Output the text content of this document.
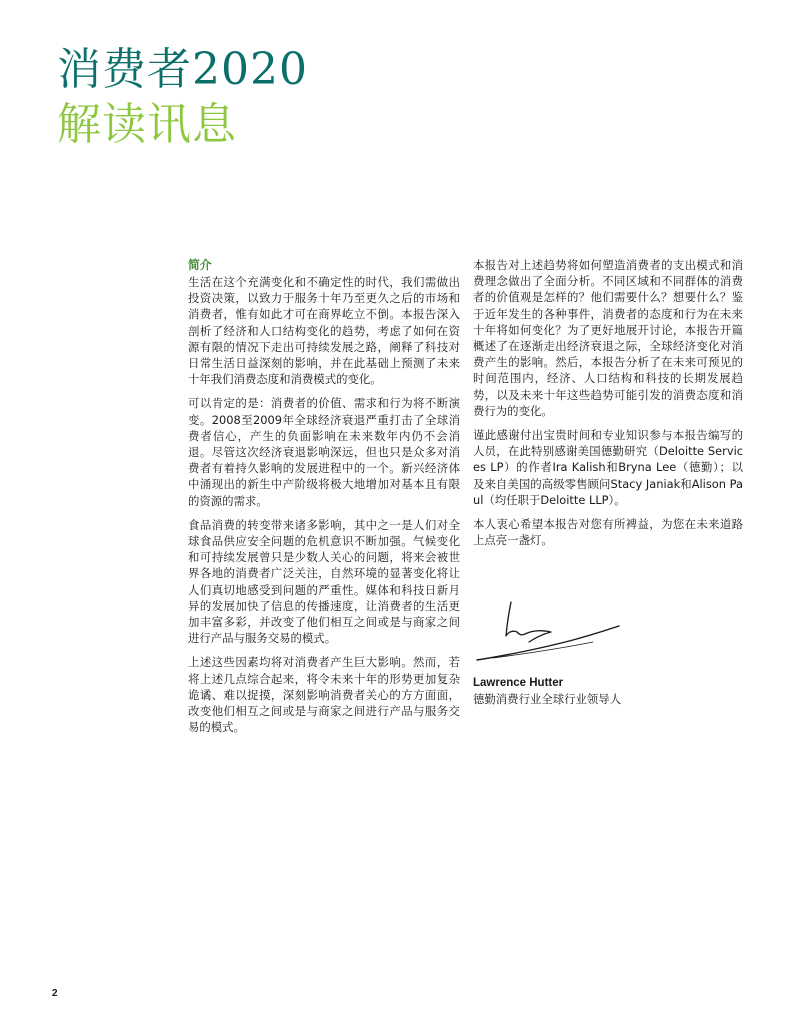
消费者2020
解读讯息
简介

生活在这个充满变化和不确定性的时代，我们需做出投资决策，以致力于服务十年乃至更久之后的市场和消费者，惟有如此才可在商界屹立不倒。本报告深入剖析了经济和人口结构变化的趋势，考虑了如何在资源有限的情况下走出可持续发展之路，阐释了科技对日常生活日益深刻的影响，并在此基础上预测了未来十年我们消费态度和消费模式的变化。

可以肯定的是：消费者的价值、需求和行为将不断演变。2008至2009年全球经济衰退严重打击了全球消费者信心，产生的负面影响在未来数年内仍不会消退。尽管这次经济衰退影响深远，但也只是众多对消费者有着持久影响的发展进程中的一个。新兴经济体中涌现出的新生中产阶级将极大地增加对基本且有限的资源的需求。

食品消费的转变带来诸多影响，其中之一是人们对全球食品供应安全问题的危机意识不断加强。气候变化和可持续发展曾只是少数人关心的问题，将来会被世界各地的消费者广泛关注，自然环境的显著变化将让人们真切地感受到问题的严重性。媒体和科技日新月异的发展加快了信息的传播速度，让消费者的生活更加丰富多彩，并改变了他们相互之间或是与商家之间进行产品与服务交易的模式。

上述这些因素均将对消费者产生巨大影响。然而，若将上述几点综合起来，将令未来十年的形势更加复杂诡谲、难以捉摸，深刻影响消费者关心的方方面面，改变他们相互之间或是与商家之间进行产品与服务交易的模式。

本报告对上述趋势将如何塑造消费者的支出模式和消费理念做出了全面分析。不同区域和不同群体的消费者的价值观是怎样的？他们需要什么？想要什么？鉴于近年发生的各种事件，消费者的态度和行为在未来十年将如何变化？为了更好地展开讨论，本报告开篇概述了在逐渐走出经济衰退之际，全球经济变化对消费产生的影响。然后，本报告分析了在未来可预见的时间范围内，经济、人口结构和科技的长期发展趋势，以及未来十年这些趋势可能引发的消费态度和消费行为的变化。

谨此感谢付出宝贵时间和专业知识参与本报告编写的人员，在此特别感谢美国德勤研究（Deloitte Services LP）的作者Ira Kalish和Bryna Lee（德勤）；以及来自美国的高级零售顾问Stacy Janiak和Alison Paul（均任职于Deloitte LLP）。

本人衷心希望本报告对您有所裨益，为您在未来道路上点亮一盏灯。

Lawrence Hutter
德勤消费行业全球行业领导人
2
